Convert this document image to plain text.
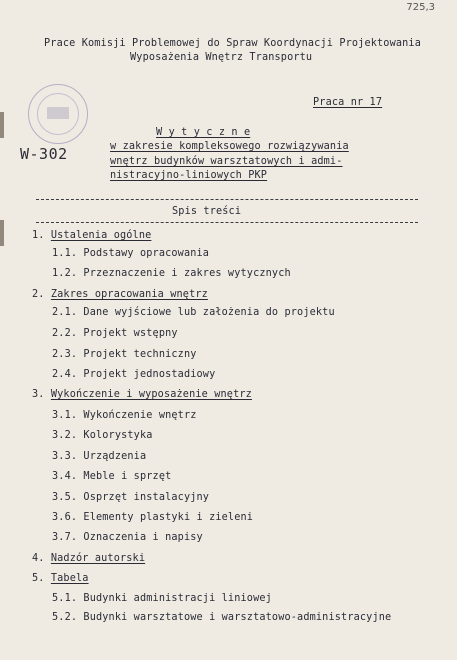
725,3
Prace Komisji Problemowej do Spraw Koordynacji Projektowania
Wyposażenia Wnętrz Transportu
Praca nr 17
W-302
W y t y c z n e
w zakresie kompleksowego rozwiązywania
wnętrz budynków warsztatowych i admi-
nistracyjno-liniowych PKP
Spis treści
1. Ustalenia ogólne
1.1. Podstawy opracowania
1.2. Przeznaczenie i zakres wytycznych
2. Zakres opracowania wnętrz
2.1. Dane wyjściowe lub założenia do projektu
2.2. Projekt wstępny
2.3. Projekt techniczny
2.4. Projekt jednostadiowy
3. Wykończenie i wyposażenie wnętrz
3.1. Wykończenie wnętrz
3.2. Kolorystyka
3.3. Urządzenia
3.4. Meble i sprzęt
3.5. Osprzęt instalacyjny
3.6. Elementy plastyki i zieleni
3.7. Oznaczenia i napisy
4. Nadzór autorski
5. Tabela
5.1. Budynki administracji liniowej
5.2. Budynki warsztatowe i warsztatowo-administracyjne
